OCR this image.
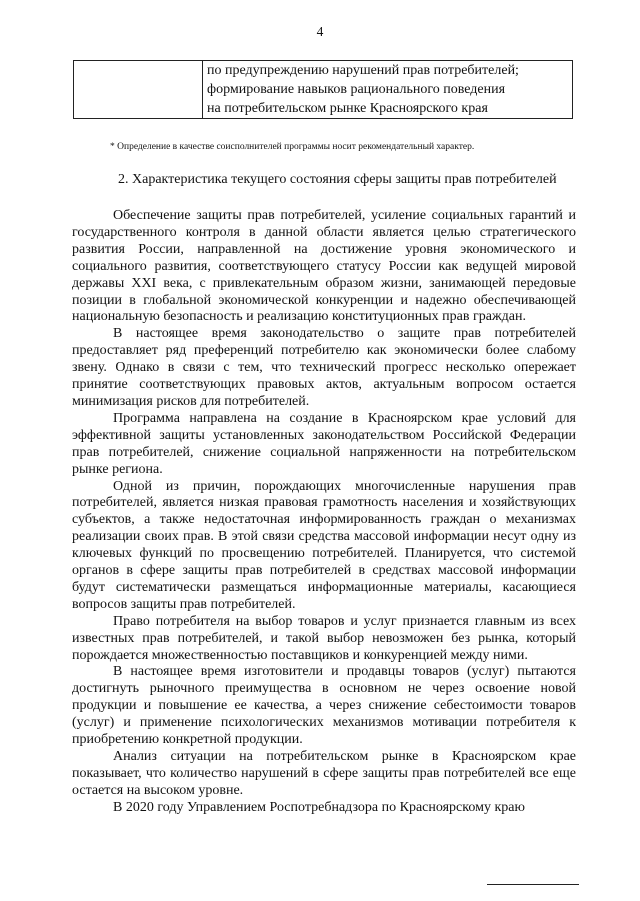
4

по предупреждению нарушений прав потребителей;
формирование навыков рационального поведения
на потребительском рынке Красноярского края
* Определение в качестве соисполнителей программы носит рекомендательный характер.
2. Характеристика текущего состояния сферы защиты прав потребителей

Обеспечение защиты прав потребителей, усиление социальных гарантий и государственного контроля в данной области является целью стратегического развития России, направленной на достижение уровня экономического и социального развития, соответствующего статусу России как ведущей мировой державы XXI века, с привлекательным образом жизни, занимающей передовые позиции в глобальной экономической конкуренции и надежно обеспечивающей национальную безопасность и реализацию конституционных прав граждан.

В настоящее время законодательство о защите прав потребителей предоставляет ряд преференций потребителю как экономически более слабому звену. Однако в связи с тем, что технический прогресс несколько опережает принятие соответствующих правовых актов, актуальным вопросом остается минимизация рисков для потребителей.

Программа направлена на создание в Красноярском крае условий для эффективной защиты установленных законодательством Российской Федерации прав потребителей, снижение социальной напряженности на потребительском рынке региона.

Одной из причин, порождающих многочисленные нарушения прав потребителей, является низкая правовая грамотность населения и хозяйствующих субъектов, а также недостаточная информированность граждан о механизмах реализации своих прав. В этой связи средства массовой информации несут одну из ключевых функций по просвещению потребителей. Планируется, что системой органов в сфере защиты прав потребителей в средствах массовой информации будут систематически размещаться информационные материалы, касающиеся вопросов защиты прав потребителей.

Право потребителя на выбор товаров и услуг признается главным из всех известных прав потребителей, и такой выбор невозможен без рынка, который порождается множественностью поставщиков и конкуренцией между ними.

В настоящее время изготовители и продавцы товаров (услуг) пытаются достигнуть рыночного преимущества в основном не через освоение новой продукции и повышение ее качества, а через снижение себестоимости товаров (услуг) и применение психологических механизмов мотивации потребителя к приобретению конкретной продукции.

Анализ ситуации на потребительском рынке в Красноярском крае показывает, что количество нарушений в сфере защиты прав потребителей все еще остается на высоком уровне.

В 2020 году Управлением Роспотребнадзора по Красноярскому краю
